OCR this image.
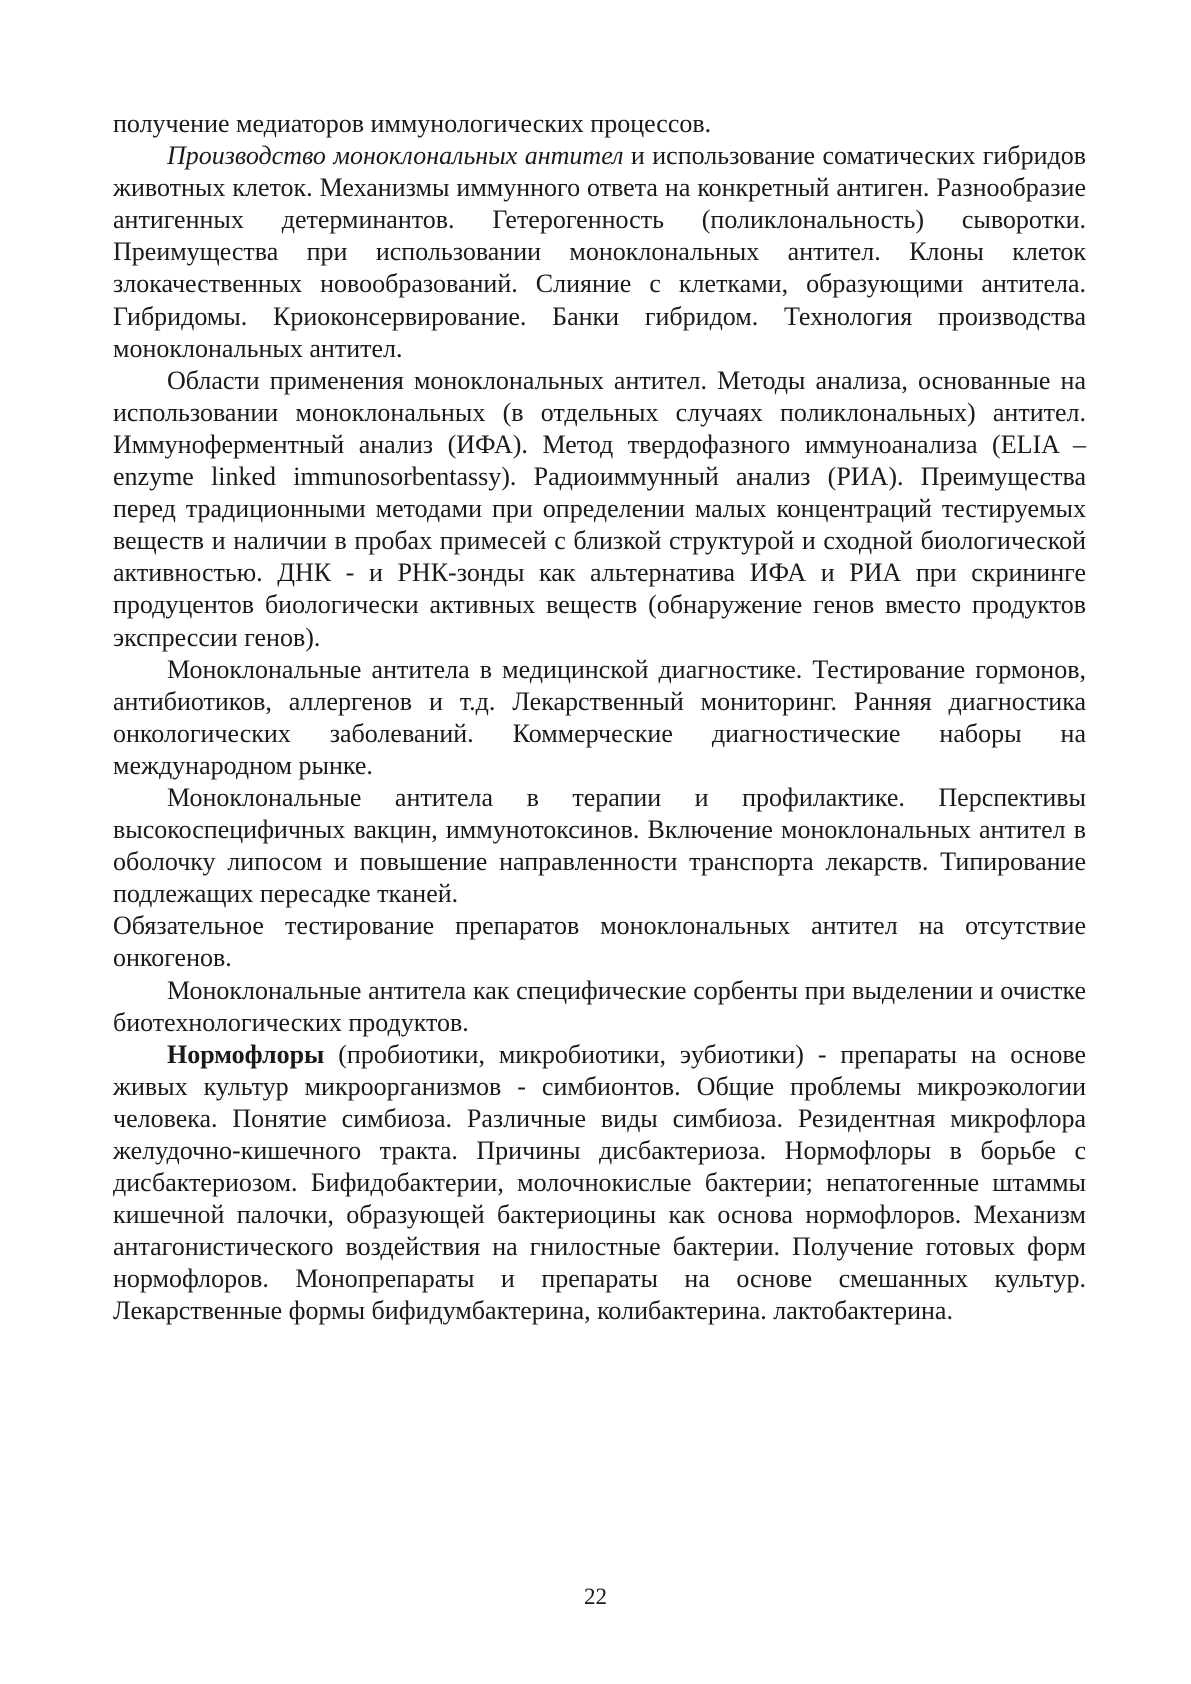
получение медиаторов иммунологических процессов.

Производство моноклональных антител и использование соматических гибридов животных клеток. Механизмы иммунного ответа на конкретный антиген. Разнообразие антигенных детерминантов. Гетерогенность (поликлональность) сыворотки. Преимущества при использовании моноклональных антител. Клоны клеток злокачественных новообразований. Слияние с клетками, образующими антитела. Гибридомы. Криоконсервирование. Банки гибридом. Технология производства моноклональных антител.

Области применения моноклональных антител. Методы анализа, основанные на использовании моноклональных (в отдельных случаях поликлональных) антител. Иммуноферментный анализ (ИФА). Метод твердофазного иммуноанализа (ELIA – enzyme linked immunosorbentassy). Радиоиммунный анализ (РИА). Преимущества перед традиционными методами при определении малых концентраций тестируемых веществ и наличии в пробах примесей с близкой структурой и сходной биологической активностью. ДНК - и РНК-зонды как альтернатива ИФА и РИА при скрининге продуцентов биологически активных веществ (обнаружение генов вместо продуктов экспрессии генов).

Моноклональные антитела в медицинской диагностике. Тестирование гормонов, антибиотиков, аллергенов и т.д. Лекарственный мониторинг. Ранняя диагностика онкологических заболеваний. Коммерческие диагностические наборы на международном рынке.

Моноклональные антитела в терапии и профилактике. Перспективы высокоспецифичных вакцин, иммунотоксинов. Включение моноклональных антител в оболочку липосом и повышение направленности транспорта лекарств. Типирование подлежащих пересадке тканей.

Обязательное тестирование препаратов моноклональных антител на отсутствие онкогенов.

Моноклональные антитела как специфические сорбенты при выделении и очистке биотехнологических продуктов.

Нормофлоры (пробиотики, микробиотики, эубиотики) - препараты на основе живых культур микроорганизмов - симбионтов. Общие проблемы микроэкологии человека. Понятие симбиоза. Различные виды симбиоза. Резидентная микрофлора желудочно-кишечного тракта. Причины дисбактериоза. Нормофлоры в борьбе с дисбактериозом. Бифидобактерии, молочнокислые бактерии; непатогенные штаммы кишечной палочки, образующей бактериоцины как основа нормофлоров. Механизм антагонистического воздействия на гнилостные бактерии. Получение готовых форм нормофлоров. Монопрепараты и препараты на основе смешанных культур. Лекарственные формы бифидумбактерина, колибактерина. лактобактерина.

22
